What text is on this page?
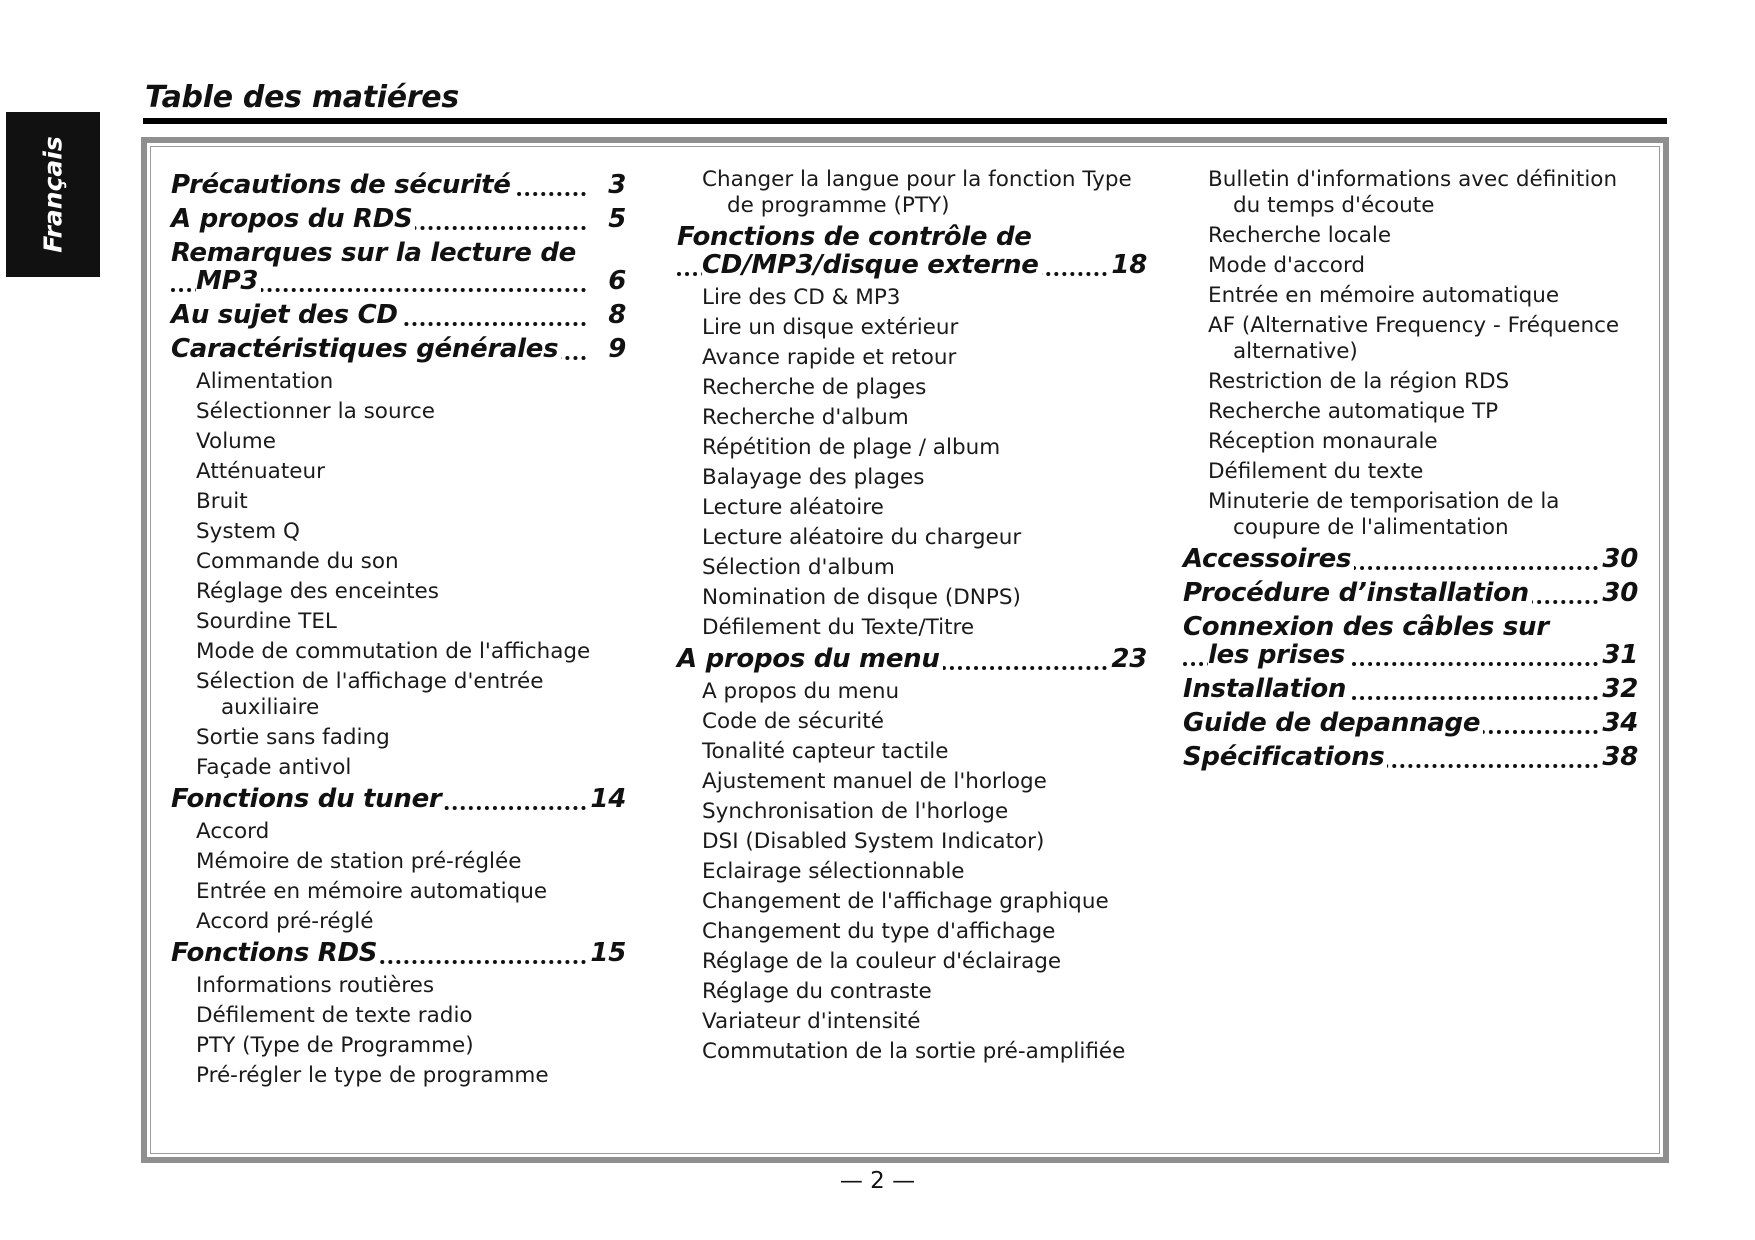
Français
Table des matiéres
Précautions de sécurité	3
A propos du RDS	5
Remarques sur la lecture de MP3	6
Au sujet des CD	8
Caractéristiques générales 9
Alimentation
Sélectionner la source
Volume
Atténuateur
Bruit
System Q
Commande du son
Réglage des enceintes
Sourdine TEL
Mode de commutation de l'affichage
Sélection de l'affichage d'entrée auxiliaire
Sortie sans fading
Façade antivol
Fonctions du tuner	14
Accord
Mémoire de station pré-réglée
Entrée en mémoire automatique
Accord pré-réglé
Fonctions RDS	15
Informations routières
Défilement de texte radio
PTY (Type de Programme)
Pré-régler le type de programme
Changer la langue pour la fonction Type de programme (PTY)
Fonctions de contrôle de CD/MP3/disque externe	18
Lire des CD & MP3
Lire un disque extérieur
Avance rapide et retour
Recherche de plages
Recherche d'album
Répétition de plage / album
Balayage des plages
Lecture aléatoire
Lecture aléatoire du chargeur
Sélection d'album
Nomination de disque (DNPS)
Défilement du Texte/Titre
A propos du menu	23
A propos du menu
Code de sécurité
Tonalité capteur tactile
Ajustement manuel de l'horloge
Synchronisation de l'horloge
DSI (Disabled System Indicator)
Eclairage sélectionnable
Changement de l'affichage graphique
Changement du type d'affichage
Réglage de la couleur d'éclairage
Réglage du contraste
Variateur d'intensité
Commutation de la sortie pré-amplifiée
Bulletin d'informations avec définition du temps d'écoute
Recherche locale
Mode d'accord
Entrée en mémoire automatique
AF (Alternative Frequency - Fréquence alternative)
Restriction de la région RDS
Recherche automatique TP
Réception monaurale
Défilement du texte
Minuterie de temporisation de la coupure de l'alimentation
Accessoires	30
Procédure d’installation	30
Connexion des câbles sur les prises	31
Installation	32
Guide de depannage	34
Spécifications	38
— 2 —
